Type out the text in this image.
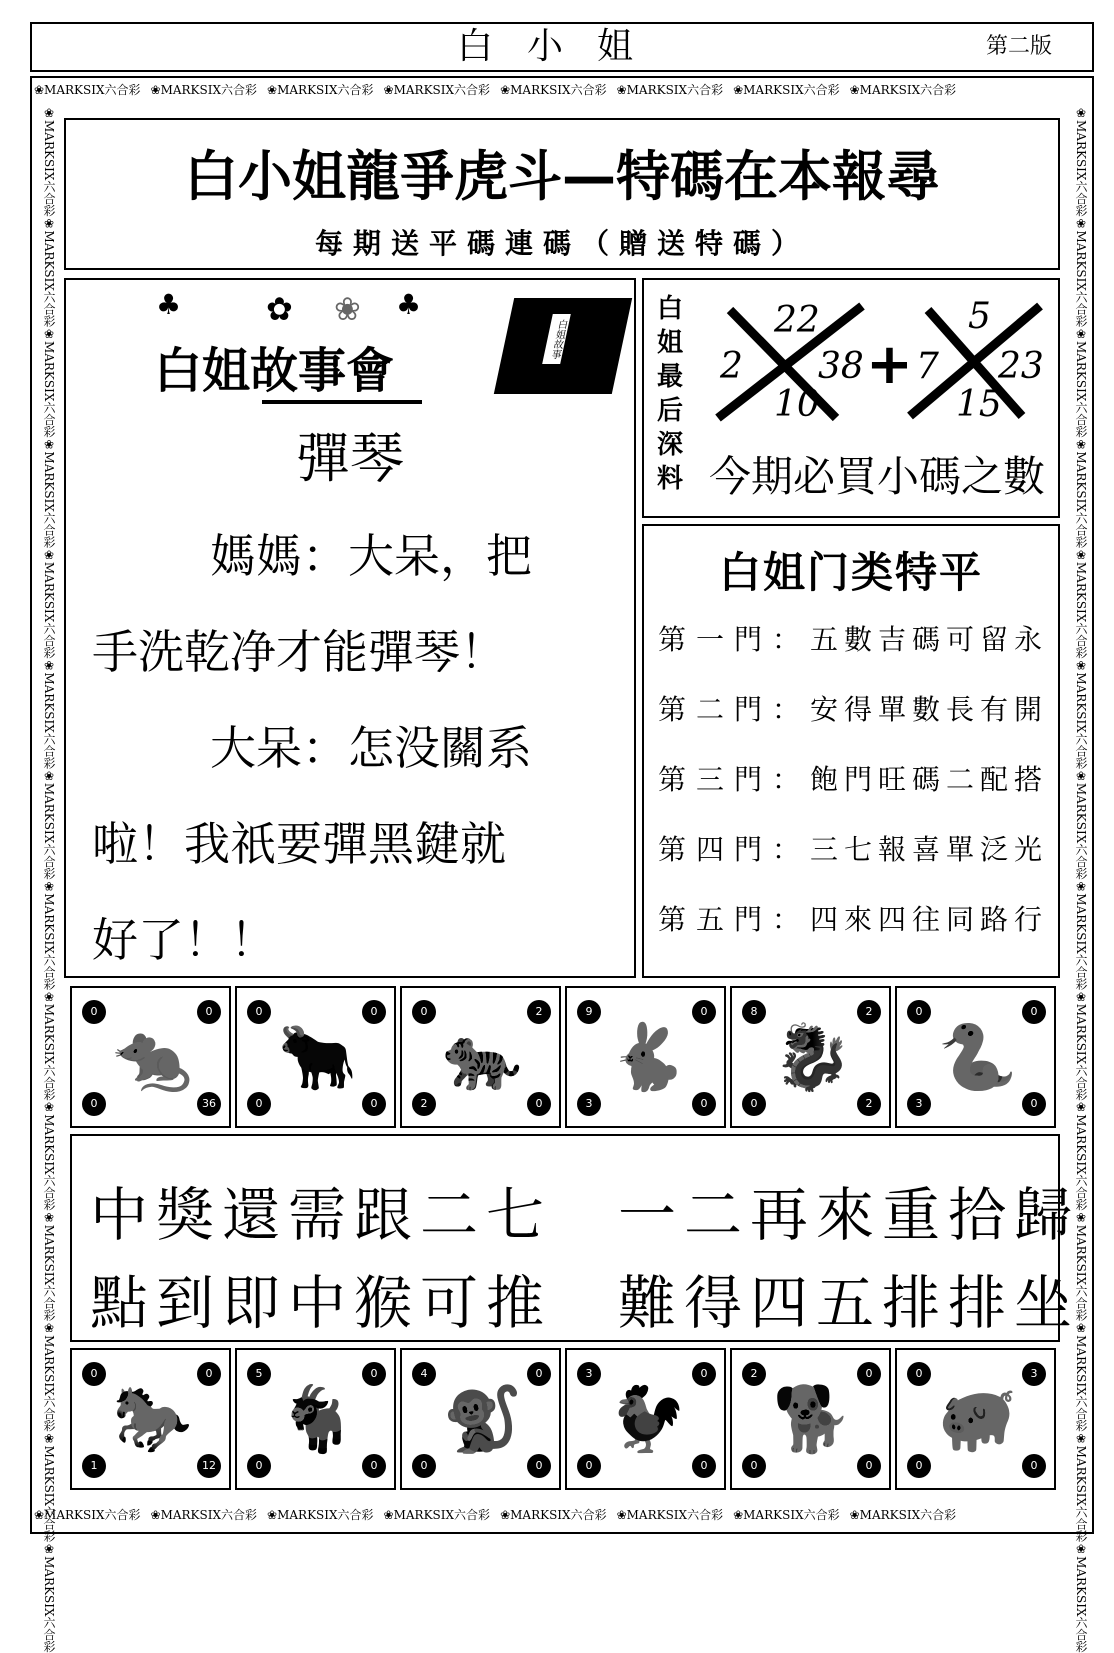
白小姐	第二版
❀MARKSIX六合彩 ❀MARKSIX六合彩 ❀MARKSIX六合彩 ❀MARKSIX六合彩 ❀MARKSIX六合彩 ❀MARKSIX六合彩 ❀MARKSIX六合彩 ❀MARKSIX六合彩
❀MARKSIX六合彩 ❀MARKSIX六合彩 ❀MARKSIX六合彩 ❀MARKSIX六合彩 ❀MARKSIX六合彩 ❀MARKSIX六合彩 ❀MARKSIX六合彩 ❀MARKSIX六合彩
❀MARKSIX六合彩❀MARKSIX六合彩❀MARKSIX六合彩❀MARKSIX六合彩❀MARKSIX六合彩❀MARKSIX六合彩❀MARKSIX六合彩❀MARKSIX六合彩❀MARKSIX六合彩❀MARKSIX六合彩❀MARKSIX六合彩❀MARKSIX六合彩❀MARKSIX六合彩❀MARKSIX六合彩
❀MARKSIX六合彩❀MARKSIX六合彩❀MARKSIX六合彩❀MARKSIX六合彩❀MARKSIX六合彩❀MARKSIX六合彩❀MARKSIX六合彩❀MARKSIX六合彩❀MARKSIX六合彩❀MARKSIX六合彩❀MARKSIX六合彩❀MARKSIX六合彩❀MARKSIX六合彩❀MARKSIX六合彩
白小姐龍爭虎斗—特碼在本報尋
每期送平碼連碼（贈送特碼）
♣	✿ ❀ ♣
白姐故事會
白姐故事
彈琴
媽媽：大呆，把
手洗乾净才能彈琴！
大呆：怎没關系
啦！我祇要彈黑鍵就
好了！！
白姐最后深料
22
2 38
10
+
5
7 23
15
今期必買小碼之數
白姐门类特平
第一門：五數吉碼可留永
第二門：安得單數長有開
第三門：飽門旺碼二配搭
第四門：三七報喜單泛光
第五門：四來四往同路行
0	0
0	36
🐀
0	0
0	0
🐂
0	2
2	0
🐅
9	0
3	0
🐇
8	2
0	2
🐉
0	0
3	0
🐍
中獎還需跟二七　一二再來重拾歸
點到即中猴可推　難得四五排排坐
0	0
1	12
🐎
5	0
0	0
🐐
4	0
0	0
🐒
3	0
0	0
🐓
2	0
0	0
🐕
0	3
0	0
🐖
